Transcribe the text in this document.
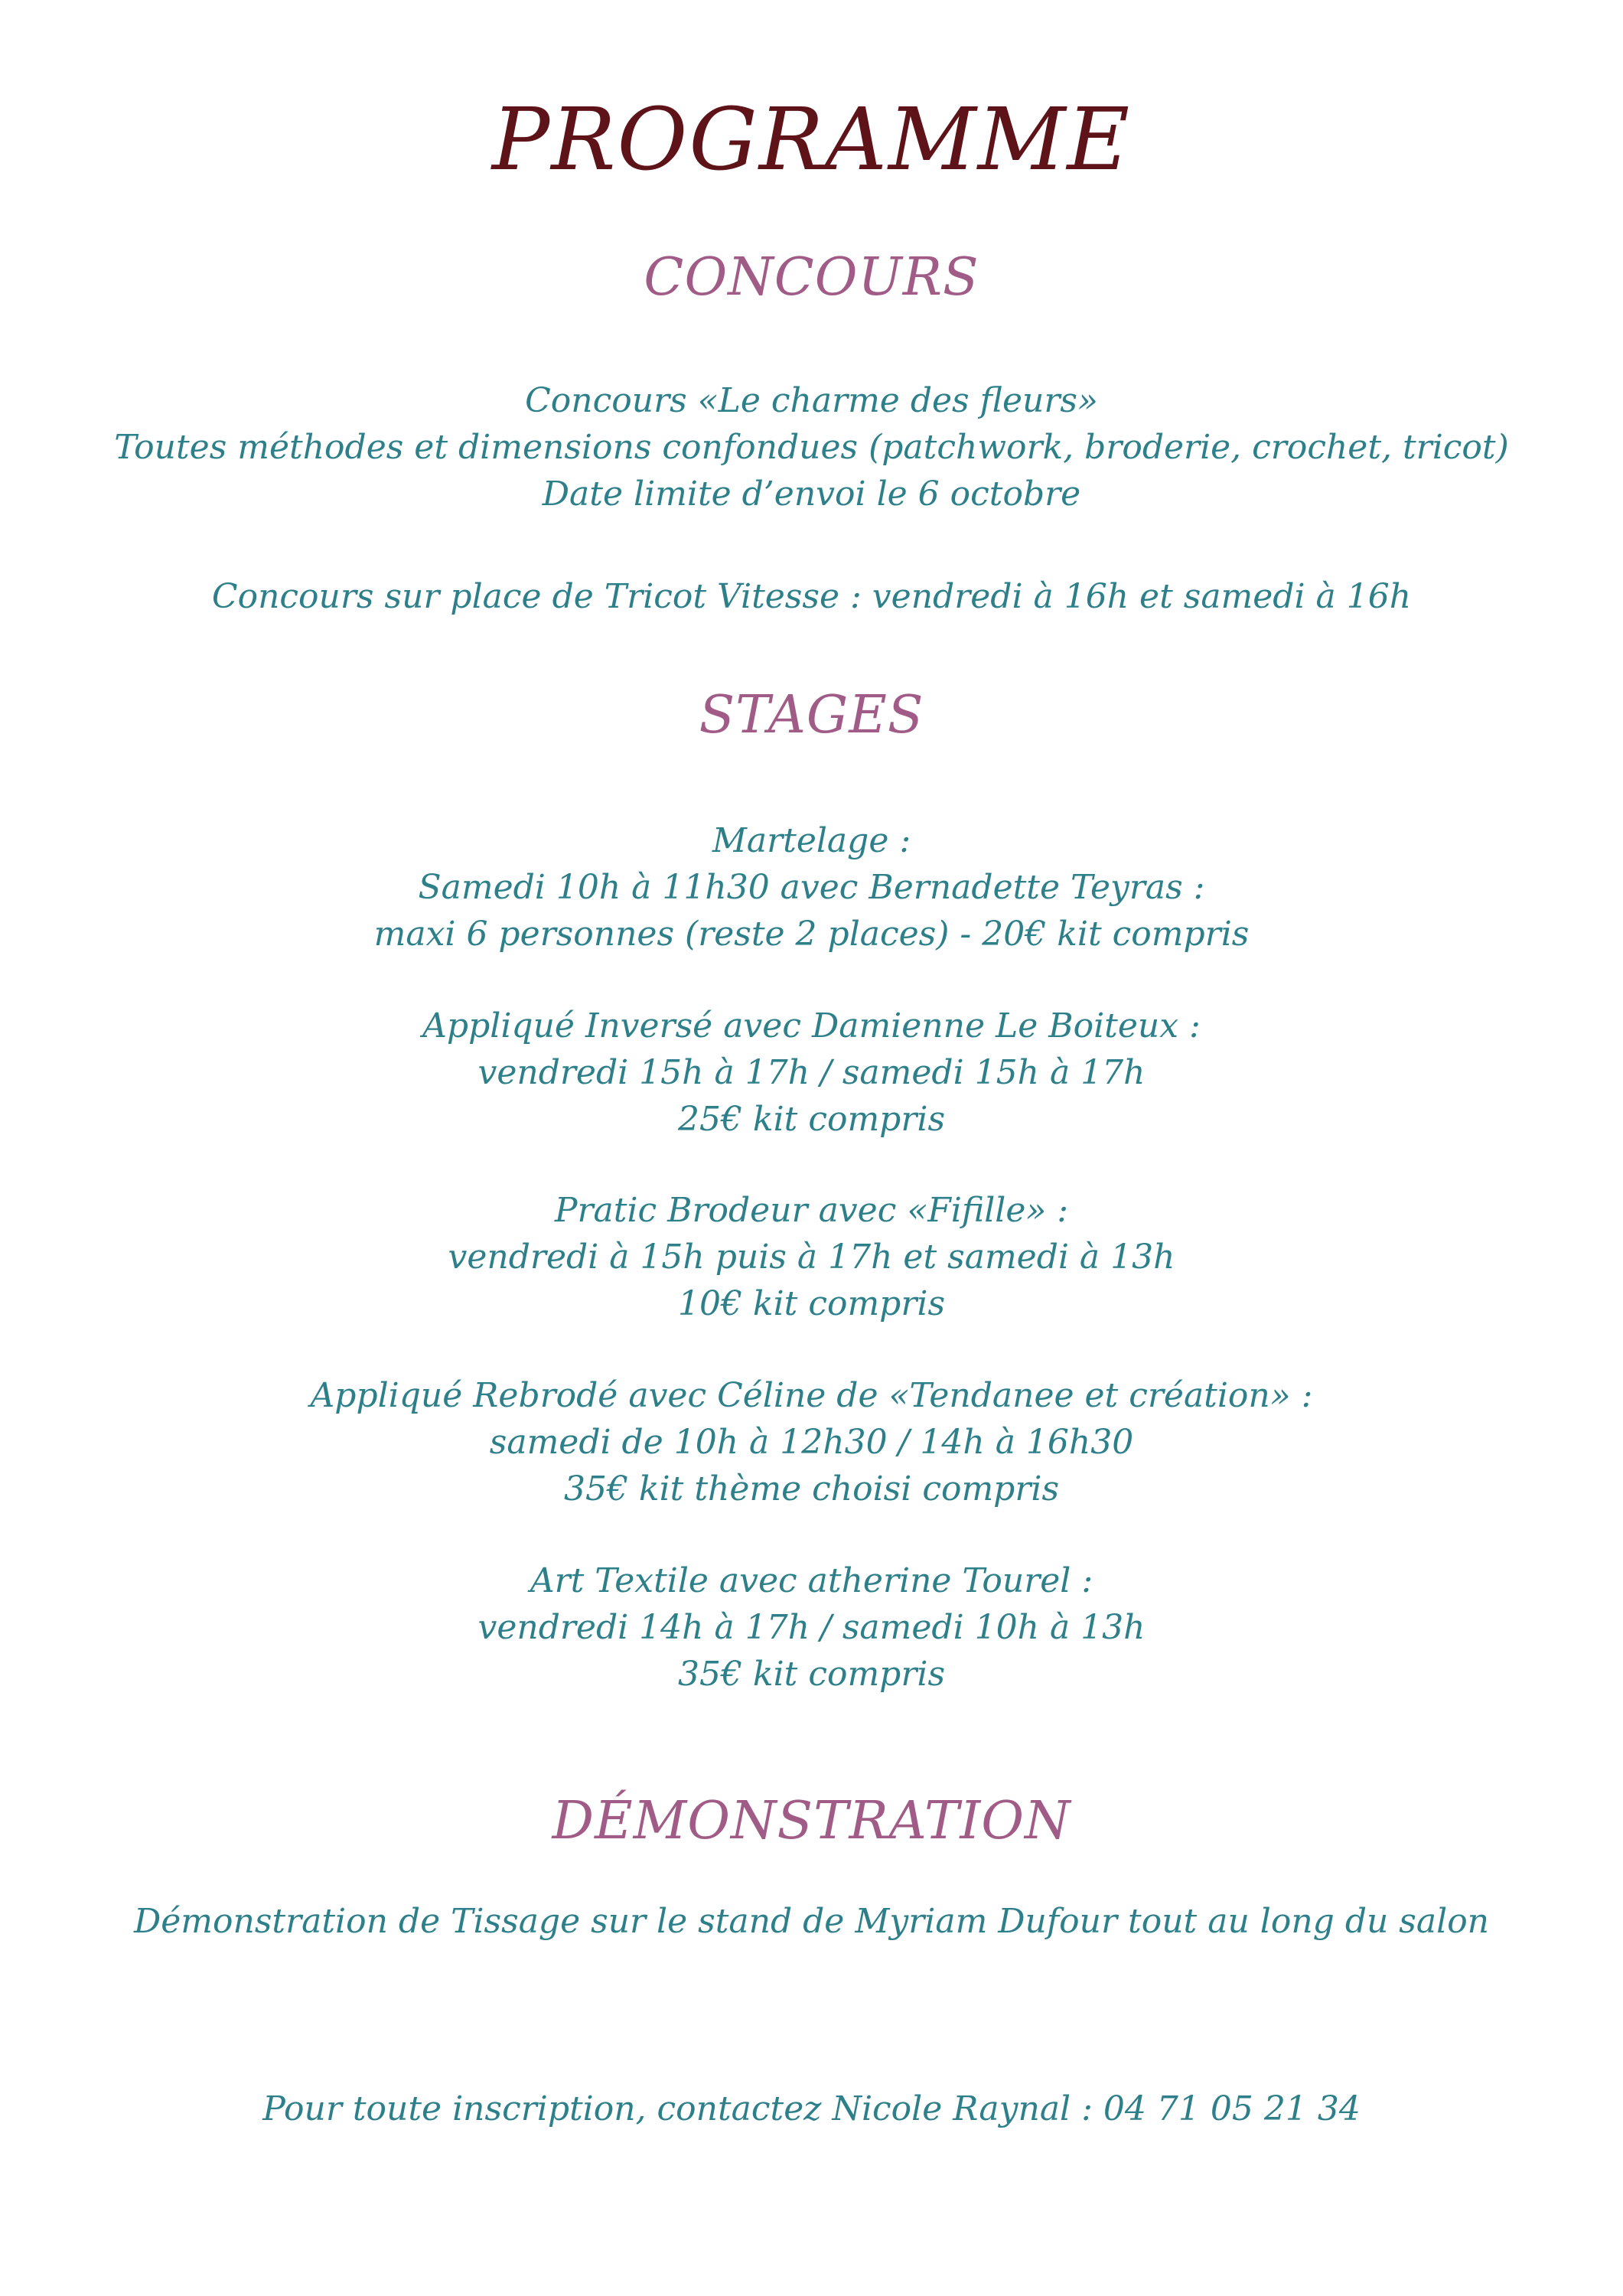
PROGRAMME
CONCOURS
Concours «Le charme des fleurs»
Toutes méthodes et dimensions confondues (patchwork, broderie, crochet, tricot)
Date limite d’envoi le 6 octobre
Concours sur place de Tricot Vitesse : vendredi à 16h et samedi à 16h
STAGES
Martelage :
Samedi 10h à 11h30 avec Bernadette Teyras :
maxi 6 personnes (reste 2 places) - 20€ kit compris
Appliqué Inversé avec Damienne Le Boiteux :
vendredi 15h à 17h / samedi 15h à 17h
25€ kit compris
Pratic Brodeur avec «Fifille» :
vendredi à 15h puis à 17h et samedi à 13h
10€ kit compris
Appliqué Rebrodé avec Céline de «Tendanee et création» :
samedi de 10h à 12h30 / 14h à 16h30
35€ kit thème choisi compris
Art Textile avec atherine Tourel :
vendredi 14h à 17h / samedi 10h à 13h
35€ kit compris
DÉMONSTRATION
Démonstration de Tissage sur le stand de Myriam Dufour tout au long du salon
Pour toute inscription, contactez Nicole Raynal : 04 71 05 21 34
